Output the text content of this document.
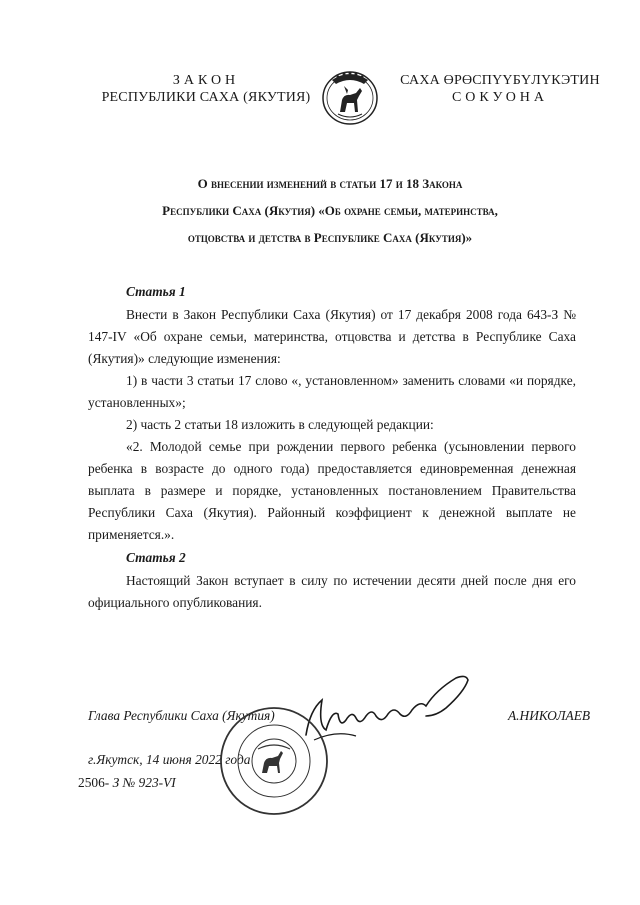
ЗАКОН
РЕСПУБЛИКИ САХА (ЯКУТИЯ)
САХА ӨРӨСПҮҮБҮЛҮКЭТИН
СОКУОНА
О внесении изменений в статьи 17 и 18 Закона
Республики Саха (Якутия) «Об охране семьи, материнства,
отцовства и детства в Республике Саха (Якутия)»
Статья 1
Внести в Закон Республики Саха (Якутия) от 17 декабря 2008 года 643-З № 147-IV «Об охране семьи, материнства, отцовства и детства в Республике Саха (Якутия)» следующие изменения:
1) в части 3 статьи 17 слово «, установленном» заменить словами «и порядке, установленных»;
2) часть 2 статьи 18 изложить в следующей редакции:
«2. Молодой семье при рождении первого ребенка (усыновлении первого ребенка в возрасте до одного года) предоставляется единовременная денежная выплата в размере и порядке, установленных постановлением Правительства Республики Саха (Якутия). Районный коэффициент к денежной выплате не применяется.».
Статья 2
Настоящий Закон вступает в силу по истечении десяти дней после дня его официального опубликования.
Глава Республики Саха (Якутия)	А.НИКОЛАЕВ
г.Якутск, 14 июня 2022 года
2506- З № 923-VI
